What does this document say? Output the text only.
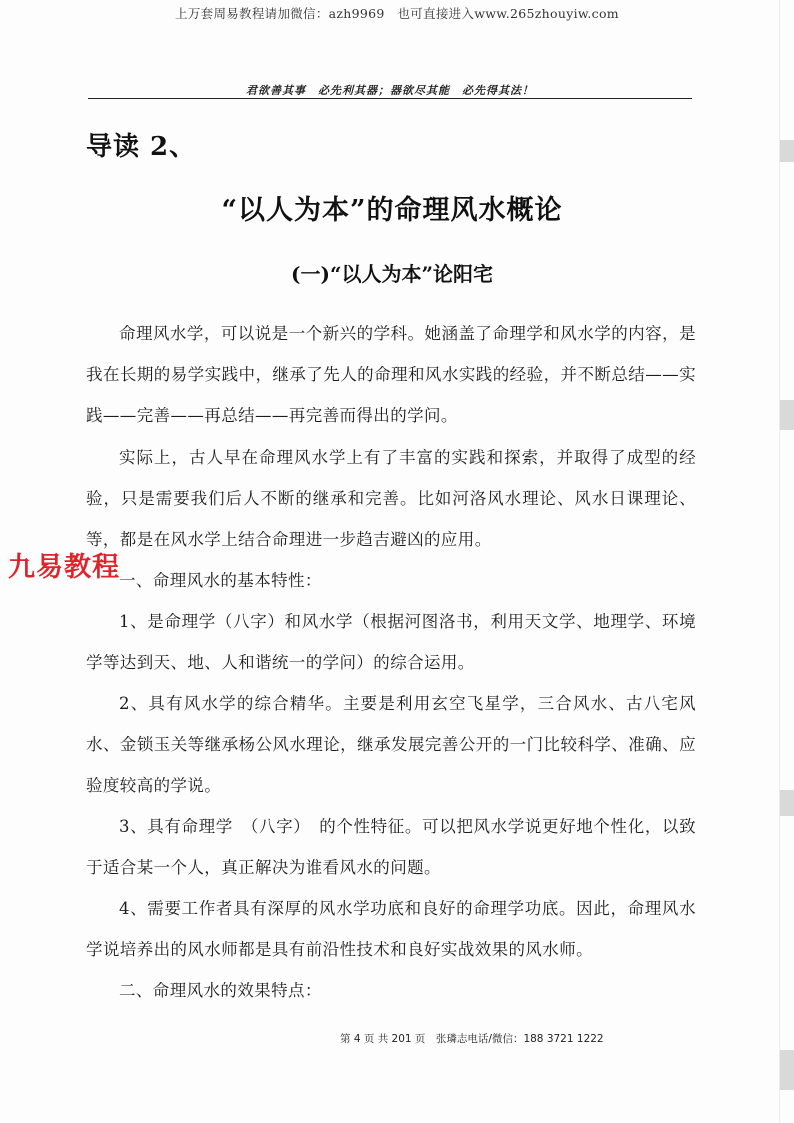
上万套周易教程请加微信：azh9969　也可直接进入www.265zhouyiw.com
君欲善其事　必先利其器；器欲尽其能　必先得其法！
导读 2、
“以人为本”的命理风水概论
(一)“以人为本”论阳宅

命理风水学，可以说是一个新兴的学科。她涵盖了命理学和风水学的内容，是我在长期的易学实践中，继承了先人的命理和风水实践的经验，并不断总结——实践——完善——再总结——再完善而得出的学问。

实际上，古人早在命理风水学上有了丰富的实践和探索，并取得了成型的经验，只是需要我们后人不断的继承和完善。比如河洛风水理论、风水日课理论、等，都是在风水学上结合命理进一步趋吉避凶的应用。

一、命理风水的基本特性：

1、是命理学（八字）和风水学（根据河图洛书，利用天文学、地理学、环境学等达到天、地、人和谐统一的学问）的综合运用。

2、具有风水学的综合精华。主要是利用玄空飞星学，三合风水、古八宅风水、金锁玉关等继承杨公风水理论，继承发展完善公开的一门比较科学、准确、应验度较高的学说。

3、具有命理学　（八字）　的个性特征。可以把风水学说更好地个性化，以致于适合某一个人，真正解决为谁看风水的问题。

4、需要工作者具有深厚的风水学功底和良好的命理学功底。因此，命理风水学说培养出的风水师都是具有前沿性技术和良好实战效果的风水师。

二、命理风水的效果特点：

九易教程
第 4 页 共 201 页　张璘志电话/微信：188 3721 1222
